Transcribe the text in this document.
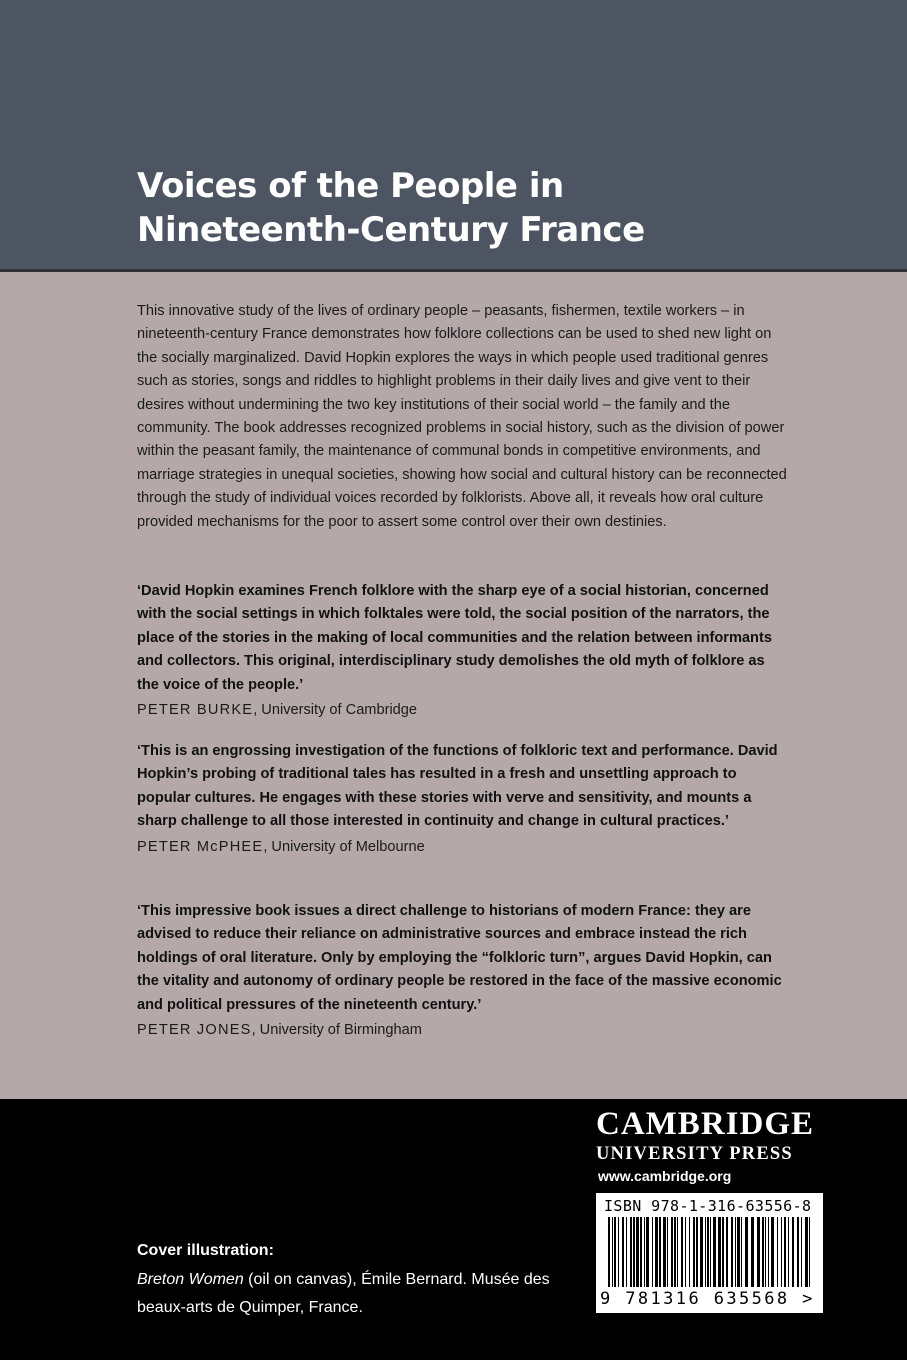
Voices of the People in
Nineteenth-Century France

This innovative study of the lives of ordinary people – peasants, fishermen, textile workers – in nineteenth-century France demonstrates how folklore collections can be used to shed new light on the socially marginalized. David Hopkin explores the ways in which people used traditional genres such as stories, songs and riddles to highlight problems in their daily lives and give vent to their desires without undermining the two key institutions of their social world – the family and the community. The book addresses recognized problems in social history, such as the division of power within the peasant family, the maintenance of communal bonds in competitive environments, and marriage strategies in unequal societies, showing how social and cultural history can be reconnected through the study of individual voices recorded by folklorists. Above all, it reveals how oral culture provided mechanisms for the poor to assert some control over their own destinies.

‘David Hopkin examines French folklore with the sharp eye of a social historian, concerned with the social settings in which folktales were told, the social position of the narrators, the place of the stories in the making of local communities and the relation between informants and collectors. This original, interdisciplinary study demolishes the old myth of folklore as the voice of the people.’

PETER BURKE, University of Cambridge

‘This is an engrossing investigation of the functions of folkloric text and performance. David Hopkin’s probing of traditional tales has resulted in a fresh and unsettling approach to popular cultures. He engages with these stories with verve and sensitivity, and mounts a sharp challenge to all those interested in continuity and change in cultural practices.’

PETER McPHEE, University of Melbourne

‘This impressive book issues a direct challenge to historians of modern France: they are advised to reduce their reliance on administrative sources and embrace instead the rich holdings of oral literature. Only by employing the “folkloric turn”, argues David Hopkin, can the vitality and autonomy of ordinary people be restored in the face of the massive economic and political pressures of the nineteenth century.’

PETER JONES, University of Birmingham

CAMBRIDGE

UNIVERSITY PRESS

www.cambridge.org

ISBN 978-1-316-63556-8

9 781316 635568 >

Cover illustration:

Breton Women (oil on canvas), Émile Bernard. Musée des beaux-arts de Quimper, France.
